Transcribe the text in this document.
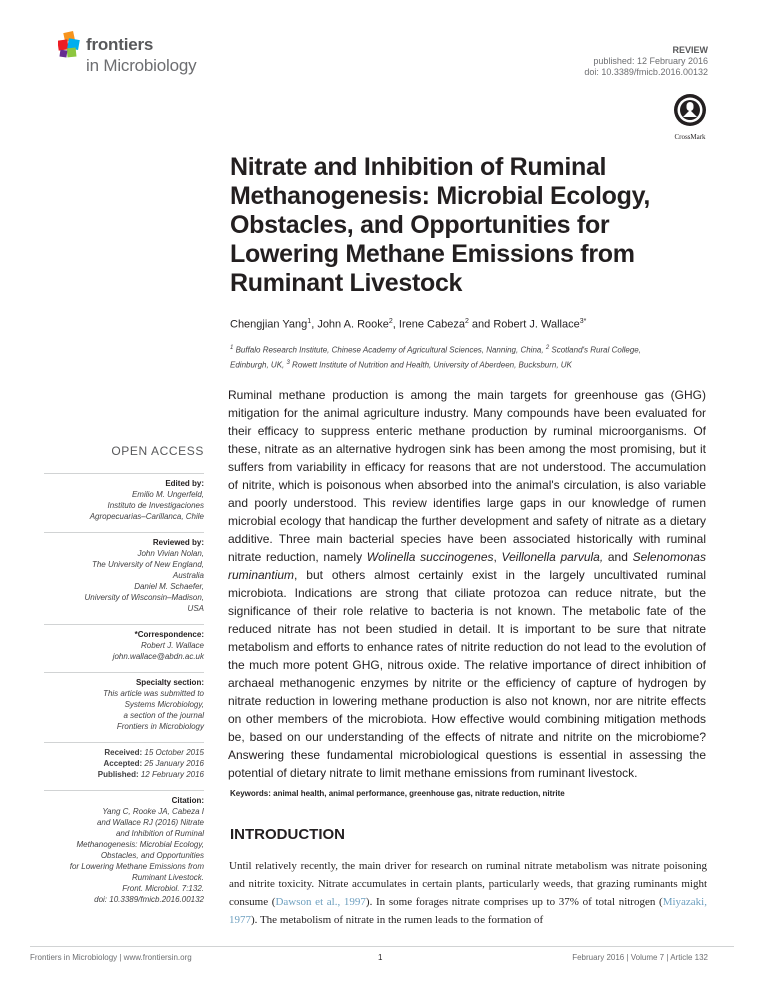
frontiers
in Microbiology
REVIEW
published: 12 February 2016
doi: 10.3389/fmicb.2016.00132
CrossMark
Nitrate and Inhibition of Ruminal
Methanogenesis: Microbial Ecology,
Obstacles, and Opportunities for
Lowering Methane Emissions from
Ruminant Livestock
Chengjian Yang$^1$, John A. Rooke$^2$, Irene Cabeza$^2$ and Robert J. Wallace$^{3*}$
$^1$ Buffalo Research Institute, Chinese Academy of Agricultural Sciences, Nanning, China, $^2$ Scotland's Rural College,
Edinburgh, UK, $^3$ Rowett Institute of Nutrition and Health, University of Aberdeen, Bucksburn, UK
Ruminal methane production is among the main targets for greenhouse gas (GHG) mitigation for the animal agriculture industry. Many compounds have been evaluated for their efficacy to suppress enteric methane production by ruminal microorganisms. Of these, nitrate as an alternative hydrogen sink has been among the most promising, but it suffers from variability in efficacy for reasons that are not understood. The accumulation of nitrite, which is poisonous when absorbed into the animal's circulation, is also variable and poorly understood. This review identifies large gaps in our knowledge of rumen microbial ecology that handicap the further development and safety of nitrate as a dietary additive. Three main bacterial species have been associated historically with ruminal nitrate reduction, namely Wolinella succinogenes, Veillonella parvula, and Selenomonas ruminantium, but others almost certainly exist in the largely uncultivated ruminal microbiota. Indications are strong that ciliate protozoa can reduce nitrate, but the significance of their role relative to bacteria is not known. The metabolic fate of the reduced nitrate has not been studied in detail. It is important to be sure that nitrate metabolism and efforts to enhance rates of nitrite reduction do not lead to the evolution of the much more potent GHG, nitrous oxide. The relative importance of direct inhibition of archaeal methanogenic enzymes by nitrite or the efficiency of capture of hydrogen by nitrate reduction in lowering methane production is also not known, nor are nitrite effects on other members of the microbiota. How effective would combining mitigation methods be, based on our understanding of the effects of nitrate and nitrite on the microbiome? Answering these fundamental microbiological questions is essential in assessing the potential of dietary nitrate to limit methane emissions from ruminant livestock.
Keywords: animal health, animal performance, greenhouse gas, nitrate reduction, nitrite
INTRODUCTION
Until relatively recently, the main driver for research on ruminal nitrate metabolism was nitrate poisoning and nitrite toxicity. Nitrate accumulates in certain plants, particularly weeds, that grazing ruminants might consume (Dawson et al., 1997). In some forages nitrate comprises up to 37% of total nitrogen (Miyazaki, 1977). The metabolism of nitrate in the rumen leads to the formation of
OPEN ACCESS
Edited by:
Emilio M. Ungerfeld,
Instituto de Investigaciones
Agropecuarias–Carillanca, Chile
Reviewed by:
John Vivian Nolan,
The University of New England,
Australia
Daniel M. Schaefer,
University of Wisconsin–Madison,
USA
*Correspondence:
Robert J. Wallace
john.wallace@abdn.ac.uk
Specialty section:
This article was submitted to
Systems Microbiology,
a section of the journal
Frontiers in Microbiology
Received: 15 October 2015
Accepted: 25 January 2016
Published: 12 February 2016
Citation:
Yang C, Rooke JA, Cabeza I
and Wallace RJ (2016) Nitrate
and Inhibition of Ruminal
Methanogenesis: Microbial Ecology,
Obstacles, and Opportunities
for Lowering Methane Emissions from
Ruminant Livestock.
Front. Microbiol. 7:132.
doi: 10.3389/fmicb.2016.00132
Frontiers in Microbiology | www.frontiersin.org	1	February 2016 | Volume 7 | Article 132
